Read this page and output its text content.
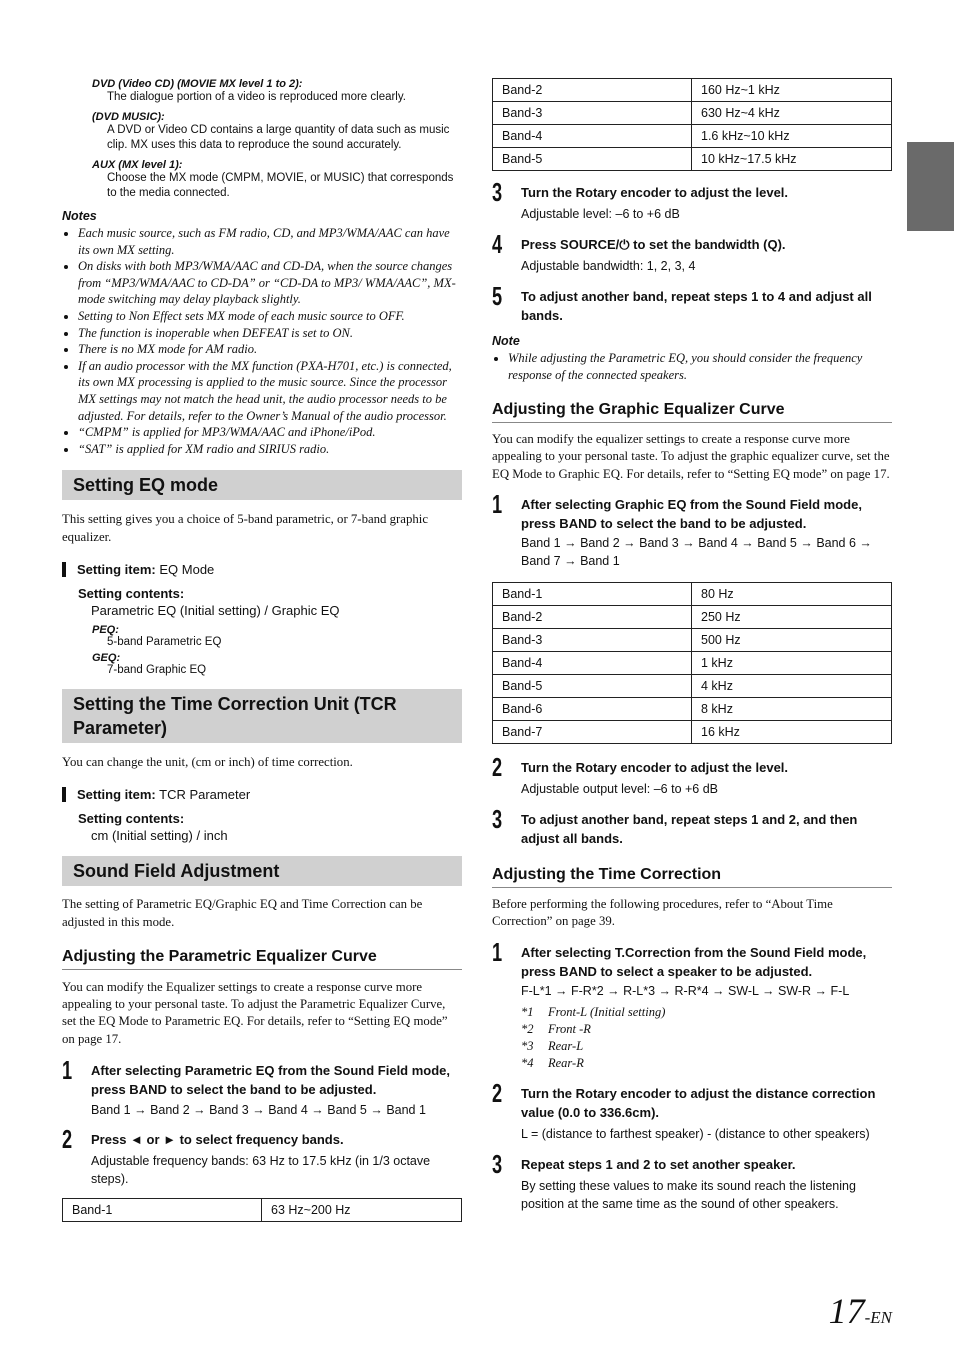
DVD (Video CD) (MOVIE MX level 1 to 2):
The dialogue portion of a video is reproduced more clearly.
(DVD MUSIC):
A DVD or Video CD contains a large quantity of data such as music clip. MX uses this data to reproduce the sound accurately.
AUX (MX level 1):
Choose the MX mode (CMPM, MOVIE, or MUSIC) that corresponds to the media connected.
Notes
• Each music source, such as FM radio, CD, and MP3/WMA/AAC can have its own MX setting.
• On disks with both MP3/WMA/AAC and CD-DA, when the source changes from “MP3/WMA/AAC to CD-DA” or “CD-DA to MP3/ WMA/AAC”, MX-mode switching may delay playback slightly.
• Setting to Non Effect sets MX mode of each music source to OFF.
• The function is inoperable when DEFEAT is set to ON.
• There is no MX mode for AM radio.
• If an audio processor with the MX function (PXA-H701, etc.) is connected, its own MX processing is applied to the music source. Since the processor MX settings may not match the head unit, the audio processor needs to be adjusted. For details, refer to the Owner’s Manual of the audio processor.
• “CMPM” is applied for MP3/WMA/AAC and iPhone/iPod.
• “SAT” is applied for XM radio and SIRIUS radio.
Setting EQ mode
This setting gives you a choice of 5-band parametric, or 7-band graphic equalizer.
Setting item: EQ Mode
Setting contents:
Parametric EQ (Initial setting) / Graphic EQ
PEQ:
5-band Parametric EQ
GEQ:
7-band Graphic EQ
Setting the Time Correction Unit (TCR Parameter)
You can change the unit, (cm or inch) of time correction.
Setting item: TCR Parameter
Setting contents:
cm (Initial setting) / inch
Sound Field Adjustment
The setting of Parametric EQ/Graphic EQ and Time Correction can be adjusted in this mode.
Adjusting the Parametric Equalizer Curve
You can modify the Equalizer settings to create a response curve more appealing to your personal taste. To adjust the Parametric Equalizer Curve, set the EQ Mode to Parametric EQ. For details, refer to “Setting EQ mode” on page 17.
1 After selecting Parametric EQ from the Sound Field mode, press BAND to select the band to be adjusted.
Band 1 → Band 2 → Band 3 → Band 4 → Band 5 → Band 1
2 Press ◄ or ► to select frequency bands.
Adjustable frequency bands: 63 Hz to 17.5 kHz (in 1/3 octave steps).
Band-1	63 Hz~200 Hz
Band-2	160 Hz~1 kHz
Band-3	630 Hz~4 kHz
Band-4	1.6 kHz~10 kHz
Band-5	10 kHz~17.5 kHz
3 Turn the Rotary encoder to adjust the level.
Adjustable level: –6 to +6 dB
4 Press SOURCE/⏻ to set the bandwidth (Q).
Adjustable bandwidth: 1, 2, 3, 4
5 To adjust another band, repeat steps 1 to 4 and adjust all bands.
Note
• While adjusting the Parametric EQ, you should consider the frequency response of the connected speakers.
Adjusting the Graphic Equalizer Curve
You can modify the equalizer settings to create a response curve more appealing to your personal taste. To adjust the graphic equalizer curve, set the EQ Mode to Graphic EQ. For details, refer to “Setting EQ mode” on page 17.
1 After selecting Graphic EQ from the Sound Field mode, press BAND to select the band to be adjusted.
Band 1 → Band 2 → Band 3 → Band 4 → Band 5 → Band 6 → Band 7 → Band 1
Band-1	80 Hz
Band-2	250 Hz
Band-3	500 Hz
Band-4	1 kHz
Band-5	4 kHz
Band-6	8 kHz
Band-7	16 kHz
2 Turn the Rotary encoder to adjust the level.
Adjustable output level: –6 to +6 dB
3 To adjust another band, repeat steps 1 and 2, and then adjust all bands.
Adjusting the Time Correction
Before performing the following procedures, refer to “About Time Correction” on page 39.
1 After selecting T.Correction from the Sound Field mode, press BAND to select a speaker to be adjusted.
F-L*1 → F-R*2 → R-L*3 → R-R*4 → SW-L → SW-R → F-L
*1 Front-L (Initial setting)
*2 Front -R
*3 Rear-L
*4 Rear-R
2 Turn the Rotary encoder to adjust the distance correction value (0.0 to 336.6cm).
L = (distance to farthest speaker) - (distance to other speakers)
3 Repeat steps 1 and 2 to set another speaker.
By setting these values to make its sound reach the listening position at the same time as the sound of other speakers.
17-EN
